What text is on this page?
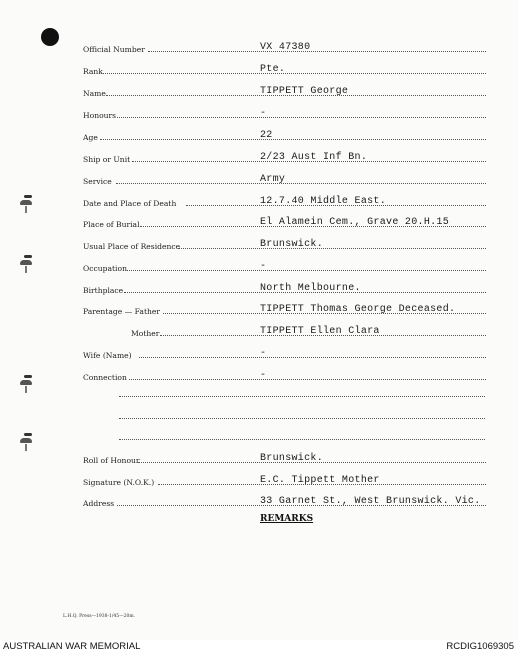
Official Number	VX 47380
Rank	Pte.
Name	TIPPETT George
Honours	-
Age	22
Ship or Unit	2/23 Aust Inf Bn.
Service	Army
Date and Place of Death	12.7.40 Middle East.
Place of Burial	El Alamein Cem., Grave 20.H.15
Usual Place of Residence	Brunswick.
Occupation	-
Birthplace	North Melbourne.
Parentage — Father	TIPPETT Thomas George Deceased.
Mother	TIPPETT Ellen Clara
Wife (Name)	-
Connection	-
Roll of Honour	Brunswick.
Signature (N.O.K.)	E.C. Tippett Mother
Address	33 Garnet St., West Brunswick. Vic.
REMARKS
L.H.Q. Press—1938-1/45—20m.
AUSTRALIAN WAR MEMORIAL	RCDIG1069305
